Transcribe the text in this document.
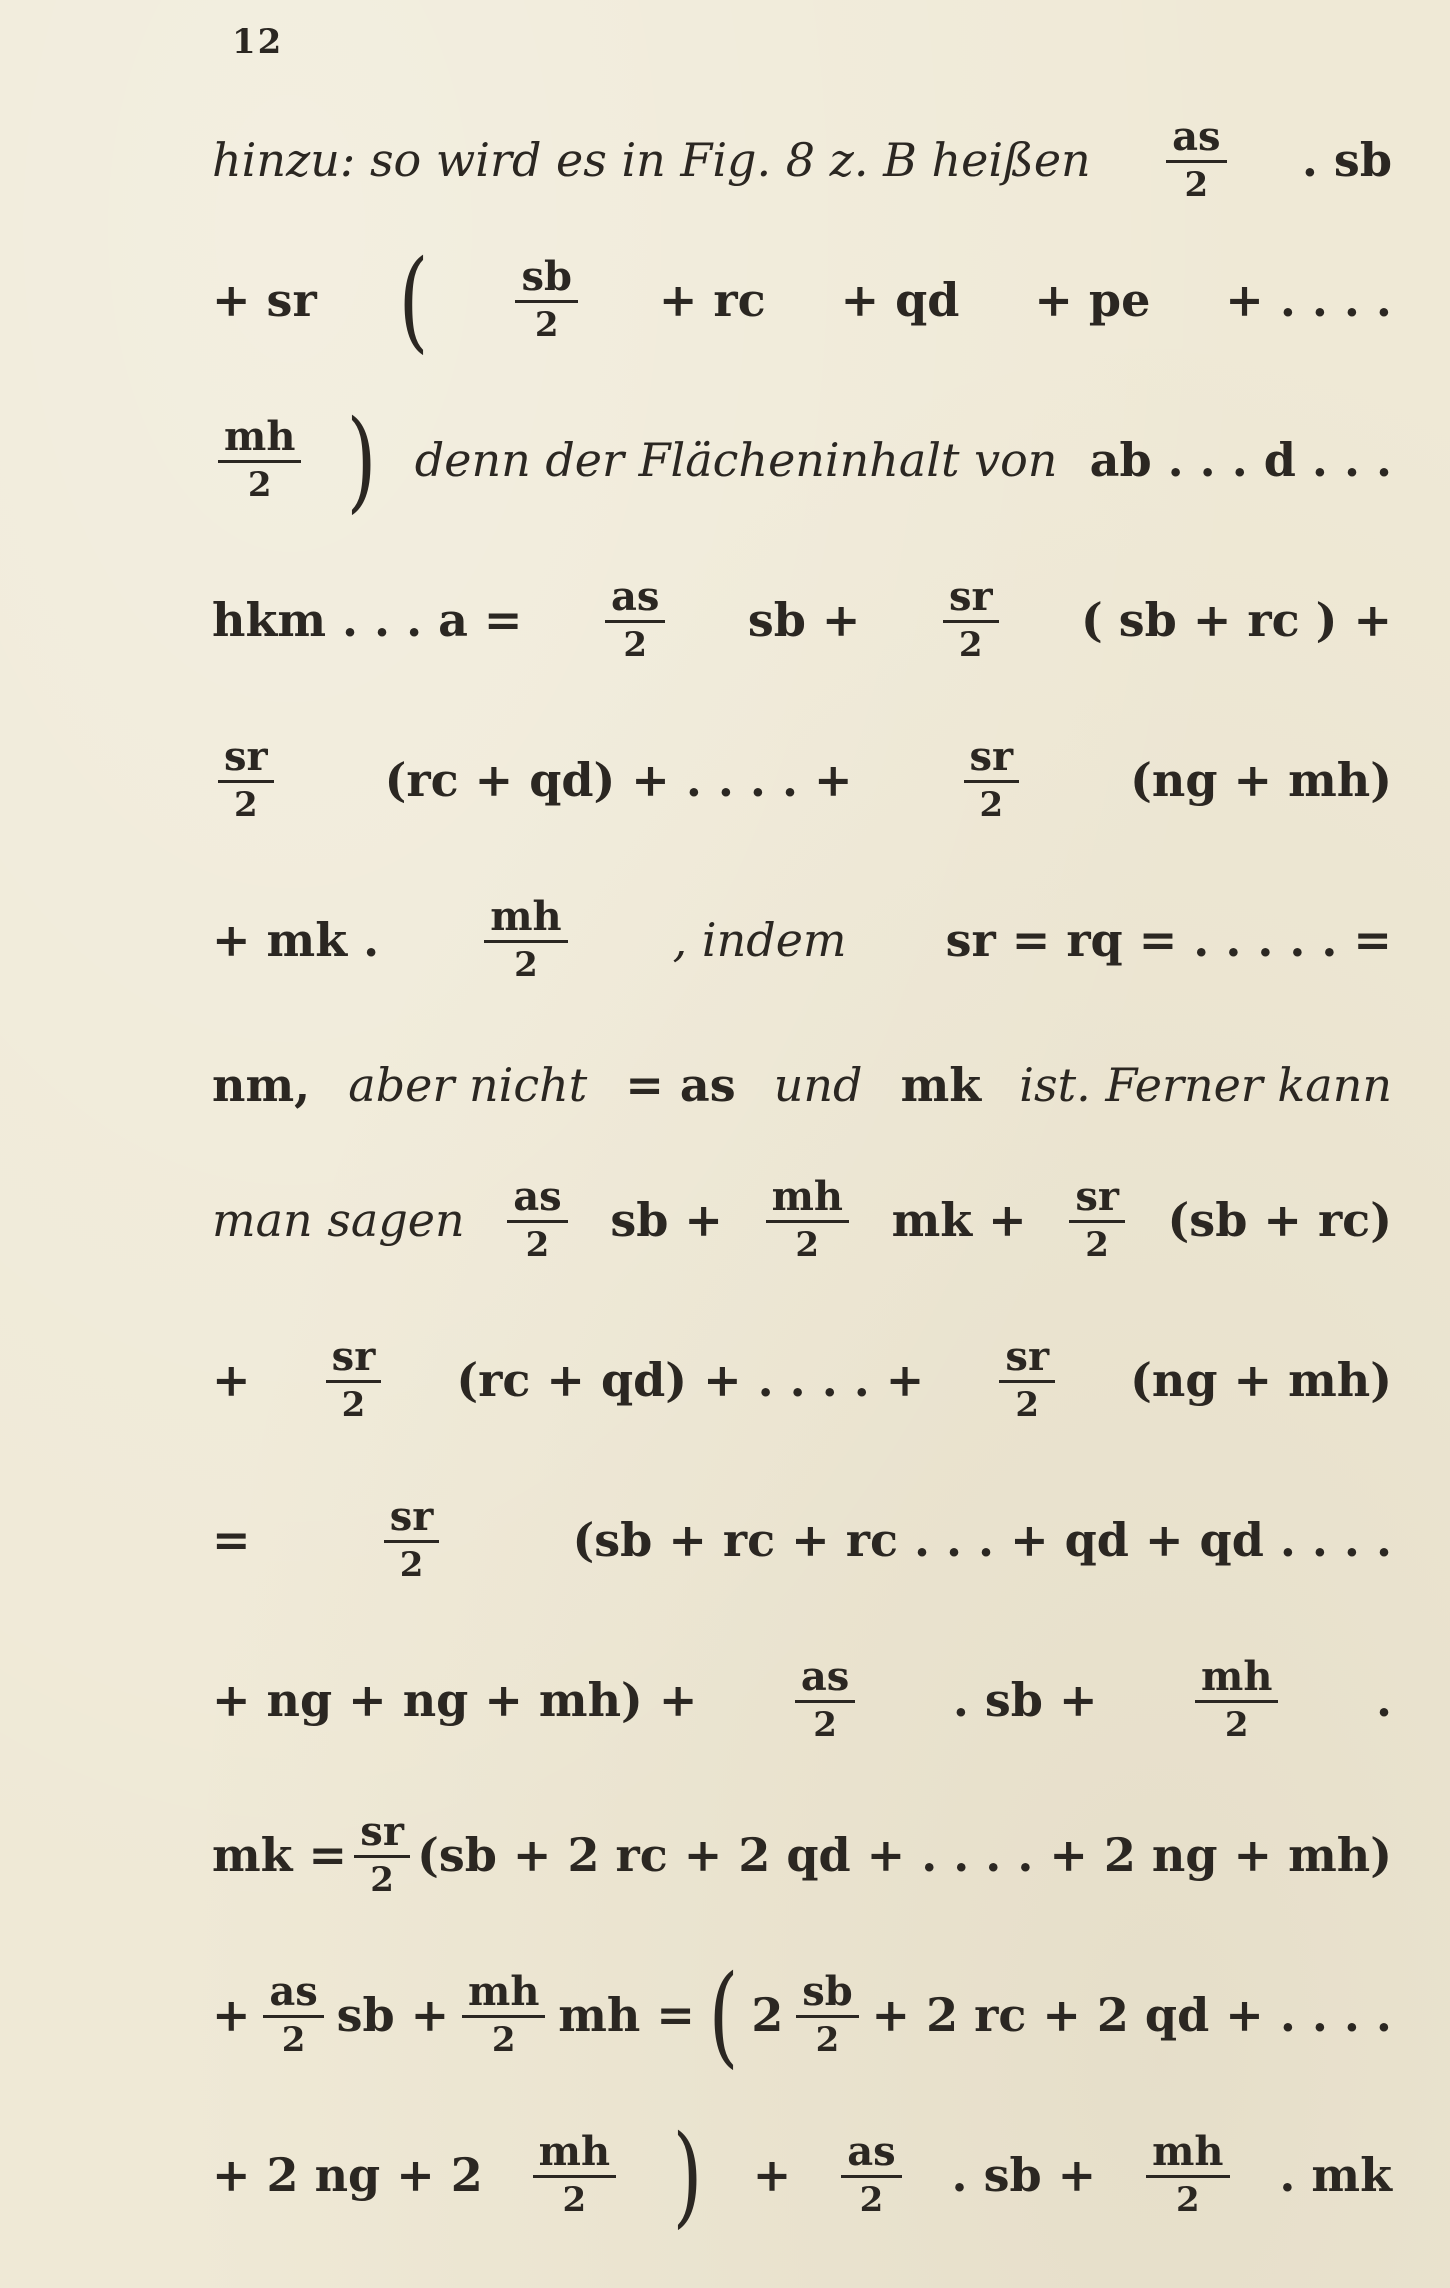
12
hinzu: so wird es in Fig. 8 z. B heißen $\frac{as}{2}$ . sb
+ sr ( $\frac{sb}{2}$ + rc + qd + pe + . . . .
$\frac{mh}{2}$ ) denn der Flächeninhalt von ab . . . d . . .
hkm . . . $a = \frac{as}{2}$ sb + $\frac{sr}{2}$ ( sb + rc ) +
$\frac{sr}{2} (rc + qd)$ + . . . . +	$\frac{sr}{2} (ng + mh)$
+ mk .	$\frac{mh}{2}$ , indem sr = rq = . . . . . =
nm, aber nicht = as und mk ist. Ferner kann
man sagen $\frac{as}{2}$ sb + $\frac{mh}{2}$ mk + $\frac{sr}{2} (sb + rc)$
+ $\frac{sr}{2} (rc + qd)$ + . . . . + $\frac{sr}{2} (ng + mh)$
=	$\frac{sr}{2}$	(sb + rc + rc . . . + qd + qd . . . .
+ ng + ng + $mh) + \frac{as}{2}$ . sb + $\frac{mh}{2}$ .
mk = $\frac{sr}{2} (sb + 2$ rc + 2 qd + . . . . + 2 ng + mh)
+ $\frac{as}{2}$ sb + $\frac{mh}{2}$ mh = ( $2 \frac{sb}{2} + 2$ rc + 2 qd + . . . .
+ 2 ng + $2 \frac{mh}{2}$ ) + $\frac{as}{2}$ . sb + $\frac{mh}{2}$ . mk
